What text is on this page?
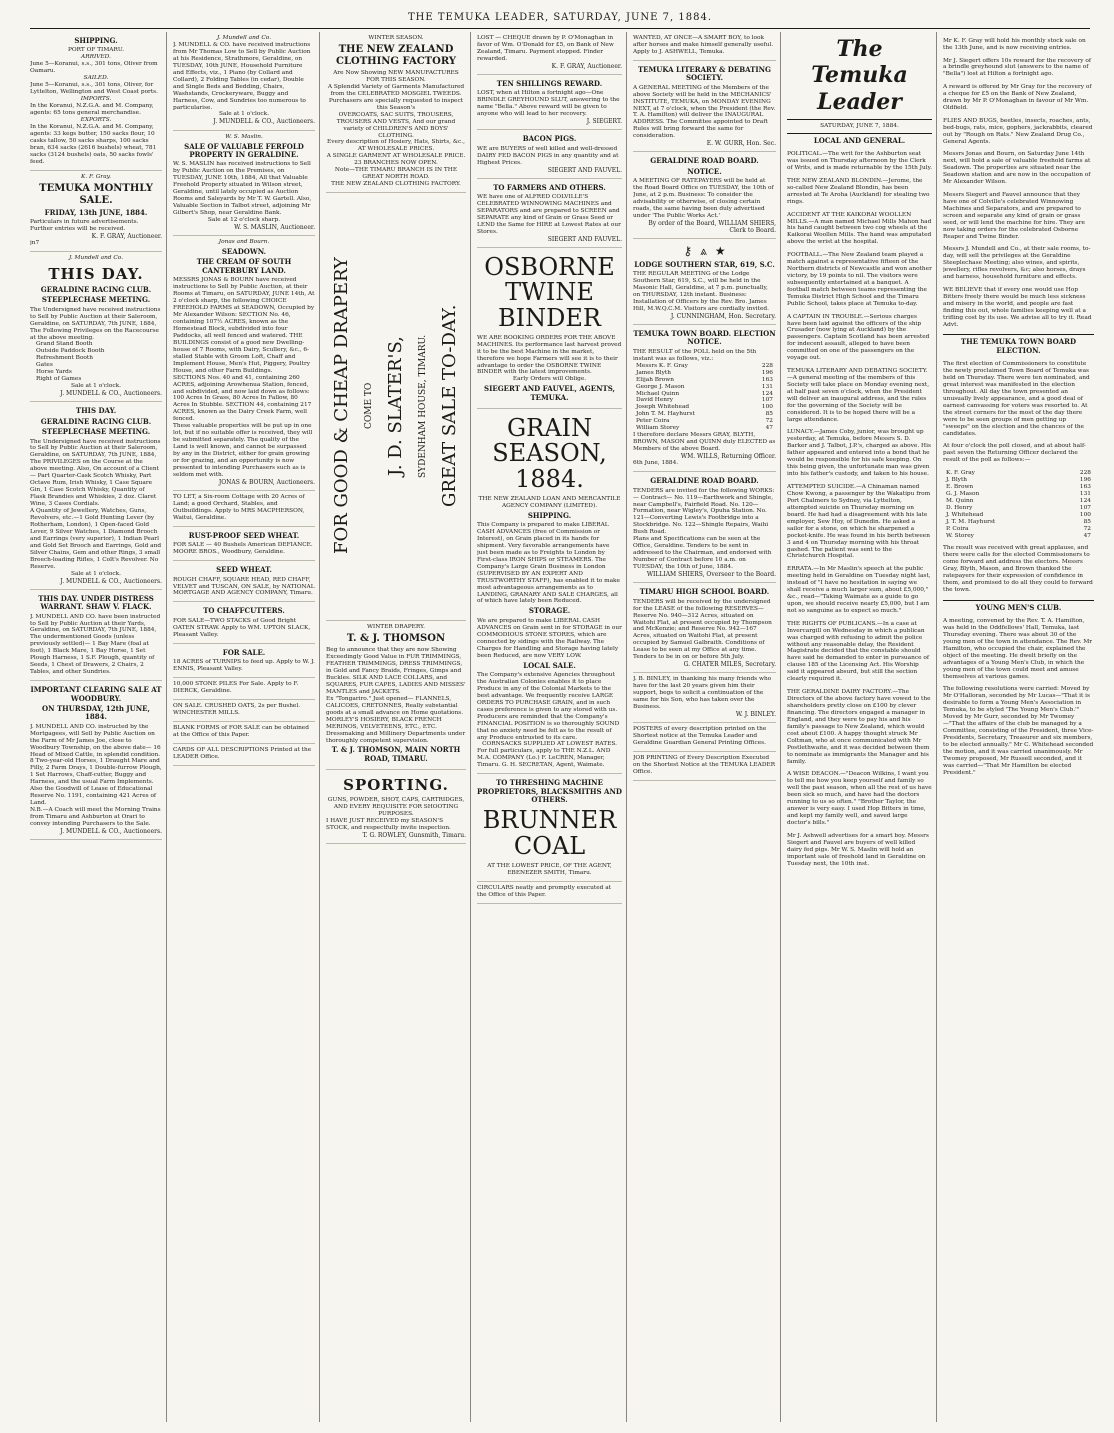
THE TEMUKA LEADER, SATURDAY, JUNE 7, 1884.
SHIPPING.
PORT OF TIMARU.
ARRIVED.
June 5—Koranui, s.s., 301 tons, Oliver from Oamaru.
SAILED.
June 5—Koranui, s.s., 301 tons, Oliver, for Lyttelton, Wellington and West Coast ports.
IMPORTS.
In the Koranui, N.Z.G.A. and M. Company, agents: 65 tons general merchandise.
EXPORTS.
In the Koranui, N.Z.G.A. and M. Company, agents: 33 kegs butter, 150 sacks flour, 10 casks tallow, 50 sacks sharps, 100 sacks bran, 634 sacks (2616 bushels) wheat, 781 sacks (3124 bushels) oats, 50 sacks fowls' feed.
K. F. Gray.
TEMUKA MONTHLY SALE.
FRIDAY, 13th JUNE, 1884.
Particulars in future advertisements. Further entries will be received.
K. F. GRAY, Auctioneer.
jn7
J. Mundell and Co.
THIS DAY.
GERALDINE RACING CLUB.
STEEPLECHASE MEETING.
The Undersigned have received instructions to Sell by Public Auction at their Saleroom, Geraldine, on SATURDAY, 7th JUNE, 1884, The Following Privileges on the Racecourse at the above meeting.
Grand Stand Booth
Outside Paddock Booth
Refreshment Booth
Gates
Horse Yards
Right of Games
Sale at 1 o'clock.
J. MUNDELL & CO., Auctioneers.
THIS DAY.
GERALDINE RACING CLUB.
STEEPLECHASE MEETING.
The Undersigned have received instructions to Sell by Public Auction at their Saleroom, Geraldine, on SATURDAY, 7th JUNE, 1884, The PRIVILEGES on the Course at the above meeting. Also, On account of a Client— Part Quarter-Cask Scotch Whisky, Part Octave Rum, Irish Whisky, 1 Case Square Gin, 1 Case Scotch Whisky, Quantity of Flask Brandies and Whiskies, 2 doz. Claret Wine, 3 Cases Cordials.
A Quantity of Jewellery, Watches, Guns, Revolvers, etc.—1 Gold Hunting Lever (by Rotherham, London), 1 Open-faced Gold Lever, 9 Silver Watches, 1 Diamond Brooch and Earrings (very superior), 1 Indian Pearl and Gold Set Brooch and Earrings, Gold and Silver Chains, Gem and other Rings, 3 small Breech-loading Rifles, 1 Colt's Revolver. No Reserve.
Sale at 1 o'clock.
J. MUNDELL & CO., Auctioneers.
THIS DAY. UNDER DISTRESS WARRANT. SHAW V. FLACK.
J. MUNDELL AND CO. have been instructed to Sell by Public Auction at their Yards, Geraldine, on SATURDAY, 7th JUNE, 1884, The undermentioned Goods (unless previously settled)— 1 Bay Mare (foal at foot), 1 Black Mare, 1 Bay Horse, 1 Set Plough Harness, 1 S.F. Plough, quantity of Seeds, 1 Chest of Drawers, 2 Chairs, 2 Tables, and other Sundries.
IMPORTANT CLEARING SALE AT WOODBURY.
ON THURSDAY, 12th JUNE, 1884.
J. MUNDELL AND CO. instructed by the Mortgagees, will Sell by Public Auction on the Farm of Mr James Joe, close to Woodbury Township, on the above date— 16 Head of Mixed Cattle, in splendid condition. 8 Two-year-old Horses, 1 Draught Mare and Filly, 2 Farm Drays, 1 Double-furrow Plough, 1 Set Harrows, Chaff-cutter, Buggy and Harness, and the usual Farm Implements. Also the Goodwill of Lease of Educational Reserve No. 1191, containing 421 Acres of Land.
N.B.—A Coach will meet the Morning Trains from Timaru and Ashburton at Orari to convey intending Purchasers to the Sale.
J. MUNDELL & CO., Auctioneers.
J. Mundell and Co.
J. MUNDELL & CO. have received instructions from Mr Thomas Low to Sell by Public Auction at his Residence, Strathmore, Geraldine, on TUESDAY, 10th JUNE, Household Furniture and Effects, viz., 1 Piano (by Collard and Collard), 2 Folding Tables (in cedar), Double and Single Beds and Bedding, Chairs, Washstands, Crockeryware, Buggy and Harness, Cow, and Sundries too numerous to particularise.
Sale at 1 o'clock.
J. MUNDELL & CO., Auctioneers.
W. S. Maslin.
SALE OF VALUABLE FERFOLD PROPERTY IN GERALDINE.
W. S. MASLIN has received instructions to Sell by Public Auction on the Premises, on TUESDAY, JUNE 10th, 1884, All that Valuable Freehold Property situated in Wilson street, Geraldine, until lately occupied as Auction Rooms and Saleyards by Mr T. W. Gartell. Also, Valuable Section in Talbot street, adjoining Mr Gilbert's Shop, near Geraldine Bank.
Sale at 12 o'clock sharp.
W. S. MASLIN, Auctioneer.
Jonas and Bourn.
SEADOWN.
THE CREAM OF SOUTH CANTERBURY LAND.
MESSRS JONAS & BOURN have received instructions to Sell by Public Auction, at their Rooms at Timaru, on SATURDAY, JUNE 14th, At 2 o'clock sharp, the following CHOICE FREEHOLD FARMS at SEADOWN, Occupied by Mr Alexander Wilson: SECTION No. 46, containing 107½ ACRES, known as the Homestead Block, subdivided into four Paddocks, all well fenced and watered. THE BUILDINGS consist of a good new Dwelling-house of 7 Rooms, with Dairy, Scullery, &c., 6-stalled Stable with Groom Loft, Chaff and Implement House, Men's Hut, Piggery, Poultry House, and other Farm Buildings.
SECTIONS Nos. 40 and 41, containing 260 ACRES, adjoining Arowhenua Station, fenced, and subdivided, and now laid down as follows: 100 Acres In Grass, 80 Acres In Fallow, 80 Acres In Stubble. SECTION 44, containing 217 ACRES, known as the Dairy Creek Farm, well fenced.
These valuable properties will be put up in one lot, but if no suitable offer is received, they will be submitted separately. The quality of the Land is well known, and cannot be surpassed by any in the District, either for grain growing or for grazing, and an opportunity is now presented to intending Purchasers such as is seldom met with.
JONAS & BOURN, Auctioneers.
TO LET, a Six-room Cottage with 20 Acres of Land; a good Orchard, Stables, and Outbuildings. Apply to MRS MACPHERSON, Waitui, Geraldine.
RUST-PROOF SEED WHEAT.
FOR SALE — 40 Bushels American DEFIANCE. MOORE BROS., Woodbury, Geraldine.
SEED WHEAT.
ROUGH CHAFF, SQUARE HEAD, RED CHAFF, VELVET and TUSCAN, ON SALE, by NATIONAL MORTGAGE AND AGENCY COMPANY, Timaru.
TO CHAFFCUTTERS.
FOR SALE—TWO STACKS of Good Bright OATEN STRAW. Apply to WM. UPTON SLACK, Pleasant Valley.
FOR SALE.
18 ACRES of TURNIPS to feed up. Apply to W. J. ENNIS, Pleasant Valley.
10,000 STONE PILES For Sale. Apply to F. DIERCK, Geraldine.
ON SALE. CRUSHED OATS, 2s per Bushel. WINCHESTER MILLS.
BLANK FORMS of FOR SALE can be obtained at the Office of this Paper.
CARDS OF ALL DESCRIPTIONS Printed at the LEADER Office.
WINTER SEASON.
THE NEW ZEALAND CLOTHING FACTORY
Are Now Showing NEW MANUFACTURES FOR THIS SEASON.
A Splendid Variety of Garments Manufactured from the CELEBRATED MOSGIEL TWEEDS.
Purchasers are specially requested to inspect this Season's
OVERCOATS, SAC SUITS, TROUSERS, TROUSERS AND VESTS, And our grand variety of CHILDREN'S AND BOYS' CLOTHING.
Every description of Hosiery, Hats, Shirts, &c., AT WHOLESALE PRICES.
A SINGLE GARMENT AT WHOLESALE PRICE.
23 BRANCHES NOW OPEN.
Note—THE TIMARU BRANCH IS IN THE GREAT NORTH ROAD.
THE NEW ZEALAND CLOTHING FACTORY.
FOR GOOD & CHEAP DRAPERY COME TO J. D. SLATER'S, SYDENHAM HOUSE, TIMARU. GREAT SALE TO-DAY.
WINTER DRAPERY.
T. & J. THOMSON
Beg to announce that they are now Showing Exceedingly Good Value in FUR TRIMMINGS, FEATHER TRIMMINGS, DRESS TRIMMINGS, in Gold and Fancy Braids, Fringes, Gimps and Buckles. SILK AND LACE COLLARS, and SQUARES, FUR CAPES, LADIES AND MISSES' MANTLES and JACKETS.
Ex "Tongariro." Just opened— FLANNELS, CALICOES, CRETONNES, Really substantial goods at a small advance on Home quotations. MORLEY'S HOSIERY, BLACK FRENCH MERINOS, VELVETEENS, ETC., ETC.
Dressmaking and Millinery Departments under thoroughly competent supervision.
T. & J. THOMSON, MAIN NORTH ROAD, TIMARU.
SPORTING.
GUNS, POWDER, SHOT, CAPS, CARTRIDGES, AND EVERY REQUISITE FOR SHOOTING PURPOSES.
I HAVE JUST RECEIVED my SEASON'S STOCK, and respectfully invite inspection.
T. G. ROWLEY, Gunsmith, Timaru.
LOST — CHEQUE drawn by P. O'Monaghan in favor of Wm. O'Donald for £5, on Bank of New Zealand, Timaru. Payment stopped. Finder rewarded.
K. F. GRAY, Auctioneer.
TEN SHILLINGS REWARD.
LOST, when at Hilton a fortnight ago—One BRINDLE GREYHOUND SLUT, answering to the name "Bella." Above reward will be given to anyone who will lead to her recovery.
J. SIEGERT.
BACON PIGS.
WE are BUYERS of well killed and well-dressed DAIRY FED BACON PIGS in any quantity and at Highest Prices.
SIEGERT AND FAUVEL.
TO FARMERS AND OTHERS.
WE have one of ALFRED COLVILLE'S CELEBRATED WINNOWING MACHINES and SEPARATORS and are prepared to SCREEN and SEPARATE any kind of Grain or Grass Seed or LEND the Same for HIRE at Lowest Rates at our Stores.
SIEGERT AND FAUVEL.
OSBORNE TWINE BINDER
WE ARE BOOKING ORDERS FOR THE ABOVE MACHINES. Its performance last harvest proved it to be the best Machine in the market, therefore we hope Farmers will see it is to their advantage to order the OSBORNE TWINE BINDER with the latest improvements.
Early Orders will Oblige.
SIEGERT AND FAUVEL, AGENTS, TEMUKA.
GRAIN SEASON, 1884.
THE NEW ZEALAND LOAN AND MERCANTILE AGENCY COMPANY (LIMITED).
SHIPPING.
This Company is prepared to make LIBERAL CASH ADVANCES (free of Commission or Interest), on Grain placed in its hands for shipment. Very favorable arrangements have just been made as to Freights to London by First-class IRON SHIPS or STEAMERS. The Company's Large Grain Business in London (SUPERVISED BY AN EXPERT AND TRUSTWORTHY STAFF), has enabled it to make most advantageous arrangements as to LANDING, GRANARY AND SALE CHARGES, all of which have lately been Reduced.
STORAGE.
We are prepared to make LIBERAL CASH ADVANCES on Grain sent in for STORAGE in our COMMODIOUS STONE STORES, which are connected by sidings with the Railway. The Charges for Handling and Storage having lately been Reduced, are now VERY LOW.
LOCAL SALE.
The Company's extensive Agencies throughout the Australian Colonies enables it to place Produce in any of the Colonial Markets to the best advantage. We frequently receive LARGE ORDERS TO PURCHASE GRAIN, and in such cases preference is given to any stored with us. Producers are reminded that the Company's FINANCIAL POSITION is so thoroughly SOUND that no anxiety need be felt as to the result of any Produce entrusted to its care.
CORNSACKS SUPPLIED AT LOWEST RATES.
For full particulars, apply to THE N.Z.L. AND M.A. COMPANY (Lo.) F. LeCREN, Manager, Timaru. G. H. SECRETAN, Agent, Waimate.
TO THRESHING MACHINE PROPRIETORS, BLACKSMITHS AND OTHERS.
BRUNNER COAL
AT THE LOWEST PRICE, OF THE AGENT, EBENEZER SMITH, Timaru.
CIRCULARS neatly and promptly executed at the Office of this Paper.
WANTED, AT ONCE—A SMART BOY, to look after horses and make himself generally useful. Apply to J. ASHWELL, Temuka.
TEMUKA LITERARY & DEBATING SOCIETY.
A GENERAL MEETING of the Members of the above Society will be held in the MECHANICS' INSTITUTE, TEMUKA, on MONDAY EVENING NEXT, at 7 o'clock, when the President (the Rev. T. A. Hamilton) will deliver the INAUGURAL ADDRESS. The Committee appointed to Draft Rules will bring forward the same for consideration.
E. W. GURR, Hon. Sec.
GERALDINE ROAD BOARD.
NOTICE.
A MEETING OF RATEPAYERS will be held at the Road Board Office on TUESDAY, the 10th of June, at 2 p.m. Business: To consider the advisability or otherwise, of closing certain roads, the same having been duly advertised under 'The Public Works Act.'
By order of the Board, WILLIAM SHIERS, Clerk to Board.
⚷ ⩓ ★
LODGE SOUTHERN STAR, 619, S.C.
THE REGULAR MEETING of the Lodge Southern Star, 619, S.C., will be held in the Masonic Hall, Geraldine, at 7 p.m. punctually, on THURSDAY, 12th instant. Business: Installation of Officers by the Rev. Bro. James Hill, M.W.Q.C.M. Visitors are cordially invited.
J. CUNNINGHAM, Hon. Secretary.
TEMUKA TOWN BOARD. ELECTION NOTICE.
THE RESULT of the POLL held on the 5th instant was as follows, viz.:
Messrs K. F. Gray	228
James Blyth	196
Elijah Brown	163
George J. Mason	131
Michael Quinn	124
David Henry	107
Joseph Whitehead	100
John T. M. Hayhurst	85
Peter Coira	72
William Storey	47
I therefore declare Messrs GRAY, BLYTH, BROWN, MASON and QUINN duly ELECTED as Members of the above Board.
WM. WILLS, Returning Officer.
6th June, 1884.
GERALDINE ROAD BOARD.
TENDERS are invited for the following WORKS:— Contract— No. 119—Earthwork and Shingle, near Campbell's, Fairfield Road. No. 120—Formation, near Wigley's, Opuha Station. No. 121—Converting Lewis's Footbridge into a Stockbridge. No. 122—Shingle Repairs, Waihi Bush Road.
Plans and Specifications can be seen at the Office, Geraldine. Tenders to be sent in addressed to the Chairman, and endorsed with Number of Contract before 10 a.m. on TUESDAY, the 10th of June, 1884.
WILLIAM SHIERS, Overseer to the Board.
TIMARU HIGH SCHOOL BOARD.
TENDERS will be received by the undersigned for the LEASE of the following RESERVES— Reserve No. 940—312 Acres, situated on Waitohi Flat, at present occupied by Thompson and McKenzie; and Reserve No. 942—167 Acres, situated on Waitohi Flat, at present occupied by Samuel Galbraith. Conditions of Lease to be seen at my Office at any time. Tenders to be in on or before 5th July.
G. CHATER MILES, Secretary.
J. B. BINLEY, in thanking his many friends who have for the last 20 years given him their support, begs to solicit a continuation of the same for his Son, who has taken over the Business.
W. J. BINLEY.
POSTERS of every description printed on the Shortest notice at the Temuka Leader and Geraldine Guardian General Printing Offices.
JOB PRINTING of Every Description Executed on the Shortest Notice at the TEMUKA LEADER Office.
The Temuka Leader
SATURDAY, JUNE 7, 1884.
LOCAL AND GENERAL.

POLITICAL.—The writ for the Ashburton seat was issued on Thursday afternoon by the Clerk of Writs, and is made returnable by the 15th July.

THE NEW ZEALAND BLONDIN.—Jerome, the so-called New Zealand Blondin, has been arrested at Te Aroha (Auckland) for stealing two rings.

ACCIDENT AT THE KAIKORAI WOOLLEN MILLS.—A man named Michael Mills Mahon had his hand caught between two cog wheels at the Kaikorai Woollen Mills. The hand was amputated above the wrist at the hospital.

FOOTBALL.—The New Zealand team played a match against a representative fifteen of the Northern districts of Newcastle and won another victory, by 19 points to nil. The visitors were subsequently entertained at a banquet. A football match between teams representing the Temuka District High School and the Timaru Public School, takes place at Temuka to-day.

A CAPTAIN IN TROUBLE.—Serious charges have been laid against the officers of the ship Crusader (now lying at Auckland) by the passengers. Captain Scotland has been arrested for indecent assault, alleged to have been committed on one of the passengers on the voyage out.

TEMUKA LITERARY AND DEBATING SOCIETY.—A general meeting of the members of this Society will take place on Monday evening next, at half past seven o'clock, when the President will deliver an inaugural address, and the rules for the governing of the Society will be considered. It is to be hoped there will be a large attendance.

LUNACY.—James Coby, junior, was brought up yesterday, at Temuka, before Messrs S. D. Barker and J. Talbot, J.P.'s, charged as above. His father appeared and entered into a bond that he would be responsible for his safe keeping. On this being given, the unfortunate man was given into his father's custody, and taken to his house.

ATTEMPTED SUICIDE.—A Chinaman named Chow Kwong, a passenger by the Wakatipu from Port Chalmers to Sydney, via Lyttelton, attempted suicide on Thursday morning on board. He had had a disagreement with his late employer, Sew Hoy, of Dunedin. He asked a sailor for a stone, on which he sharpened a pocket-knife. He was found in his berth between 3 and 4 on Thursday morning with his throat gashed. The patient was sent to the Christchurch Hospital.

ERRATA.—In Mr Maslin's speech at the public meeting held in Geraldine on Tuesday night last, instead of "I have no hesitation in saying we shall receive a much larger sum, about £5,000," &c., read—"Taking Waimate as a guide to go upon, we should receive nearly £5,000, but I am not so sanguine as to expect so much."

THE RIGHTS OF PUBLICANS.—In a case at Invercargill on Wednesday in which a publican was charged with refusing to admit the police without any reasonable delay, the Resident Magistrate decided that the constable should have said he demanded to enter in pursuance of clause 185 of the Licensing Act. His Worship said it appeared absurd, but still the section clearly required it.

THE GERALDINE DAIRY FACTORY.—The Directors of the above factory have vowed to the shareholders pretty close on £100 by clever financing. The directors engaged a manager in England, and they were to pay his and his family's passage to New Zealand, which would cost about £100. A happy thought struck Mr Coltman, who at once communicated with Mr Postlethwaite, and it was decided between them to nominate as immigrants the Manager and his family.

A WISE DEACON.—"Deacon Wilkins, I want you to tell me how you keep yourself and family so well the past season, when all the rest of us have been sick so much, and have had the doctors running to us so often." "Brother Taylor, the answer is very easy. I used Hop Bitters in time, and kept my family well, and saved large doctor's bills."

Mr J. Ashwell advertises for a smart boy. Messrs Siegert and Fauvel are buyers of well killed dairy fed pigs. Mr W. S. Maslin will hold an important sale of freehold land in Geraldine on Tuesday next, the 10th inst.

Mr K. F. Gray will hold his monthly stock sale on the 13th June, and is now receiving entries.

Mr J. Siegert offers 10s reward for the recovery of a brindle greyhound slut (answers to the name of "Bella") lost at Hilton a fortnight ago.

A reward is offered by Mr Gray for the recovery of a cheque for £5 on the Bank of New Zealand, drawn by Mr P. O'Monaghan in favour of Mr Wm. Oldfield.

FLIES AND BUGS, beetles, insects, roaches, ants, bed-bugs, rats, mice, gophers, jackrabbits, cleared out by "Rough on Rats." New Zealand Drug Co., General Agents.

Messrs Jonas and Bourn, on Saturday June 14th next, will hold a sale of valuable freehold farms at Seadown. The properties are situated near the Seadown station and are now in the occupation of Mr Alexander Wilson.

Messrs Siegert and Fauvel announce that they have one of Colville's celebrated Winnowing Machines and Separators, and are prepared to screen and separate any kind of grain or grass seed, or will lend the machine for hire. They are now taking orders for the celebrated Osborne Reaper and Twine Binder.

Messrs J. Mundell and Co., at their sale rooms, to-day, will sell the privileges at the Geraldine Steeplechase Meeting; also wines, and spirits, jewellery, rifles revolvers, &c; also horses, drays and harness, household furniture and effects.

WE BELIEVE that if every one would use Hop Bitters freely there would be much less sickness and misery in the world, and people are fast finding this out, whole families keeping well at a trifling cost by its use. We advise all to try it. Read Advt.

THE TEMUKA TOWN BOARD ELECTION.

The first election of Commissioners to constitute the newly proclaimed Town Board of Temuka was held on Thursday. There were ten nominated, and great interest was manifested in the election throughout. All day the town presented an unusually lively appearance, and a good deal of earnest canvassing for voters was resorted to. At the street corners for the most of the day there were to be seen groups of men getting up "sweeps" on the election and the chances of the candidates.

At four o'clock the poll closed, and at about half-past seven the Returning Officer declared the result of the poll as follows:—

K. F. Gray	228
J. Blyth	196
E. Brown	163
G. J. Mason	131
M. Quinn	124
D. Henry	107
J. Whitehead	100
J. T. M. Hayhurst	85
P. Coira	72
W. Storey	47

The result was received with great applause, and there were calls for the elected Commissioners to come forward and address the electors. Messrs Gray, Blyth, Mason, and Brown thanked the ratepayers for their expression of confidence in them, and promised to do all they could to forward the town.

YOUNG MEN'S CLUB.

A meeting, convened by the Rev. T. A. Hamilton, was held in the Oddfellows' Hall, Temuka, last Thursday evening. There was about 30 of the young men of the town in attendance. The Rev. Mr Hamilton, who occupied the chair, explained the object of the meeting. He dwelt briefly on the advantages of a Young Men's Club, in which the young men of the town could meet and amuse themselves at various games.

The following resolutions were carried: Moved by Mr O'Halloran, seconded by Mr Lucas—"That it is desirable to form a Young Men's Association in Temuka, to be styled 'The Young Men's Club.'" Moved by Mr Gurr, seconded by Mr Twomey—"That the affairs of the club be managed by a Committee, consisting of the President, three Vice-Presidents, Secretary, Treasurer and six members, to be elected annually." Mr C. Whitehead seconded the motion, and it was carried unanimously. Mr Twomey proposed, Mr Russell seconded, and it was carried—"That Mr Hamilton be elected President."
